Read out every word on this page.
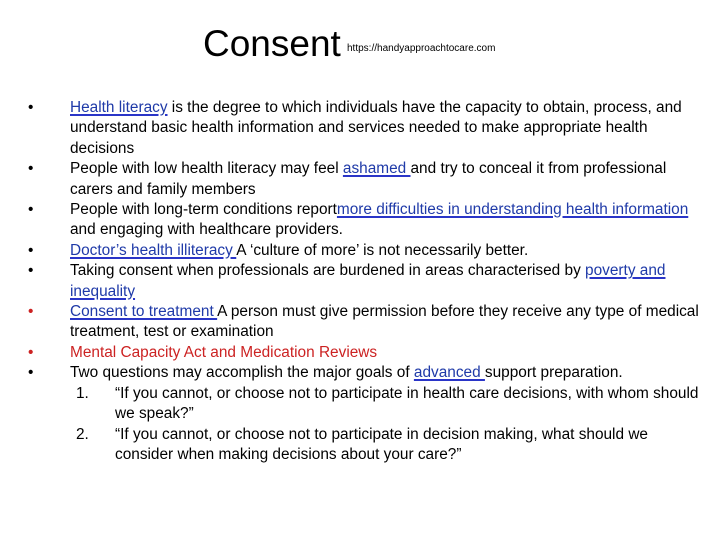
Consent https://handyapproachtocare.com
•	Health literacy is the degree to which individuals have the capacity to obtain, process, and understand basic health information and services needed to make appropriate health decisions
•	People with low health literacy may feel ashamed and try to conceal it from professional carers and family members
•	People with long-term conditions reportmore difficulties in understanding health information and engaging with healthcare providers.
•	Doctor’s health illiteracy A ‘culture of more’ is not necessarily better.
•	Taking consent when professionals are burdened in areas characterised by poverty and inequality
•	Consent to treatment A person must give permission before they receive any type of medical treatment, test or examination
•	Mental Capacity Act and Medication Reviews
•	Two questions may accomplish the major goals of advanced support preparation.
1. “If you cannot, or choose not to participate in health care decisions, with whom should we speak?”
2. “If you cannot, or choose not to participate in decision making, what should we consider when making decisions about your care?”
